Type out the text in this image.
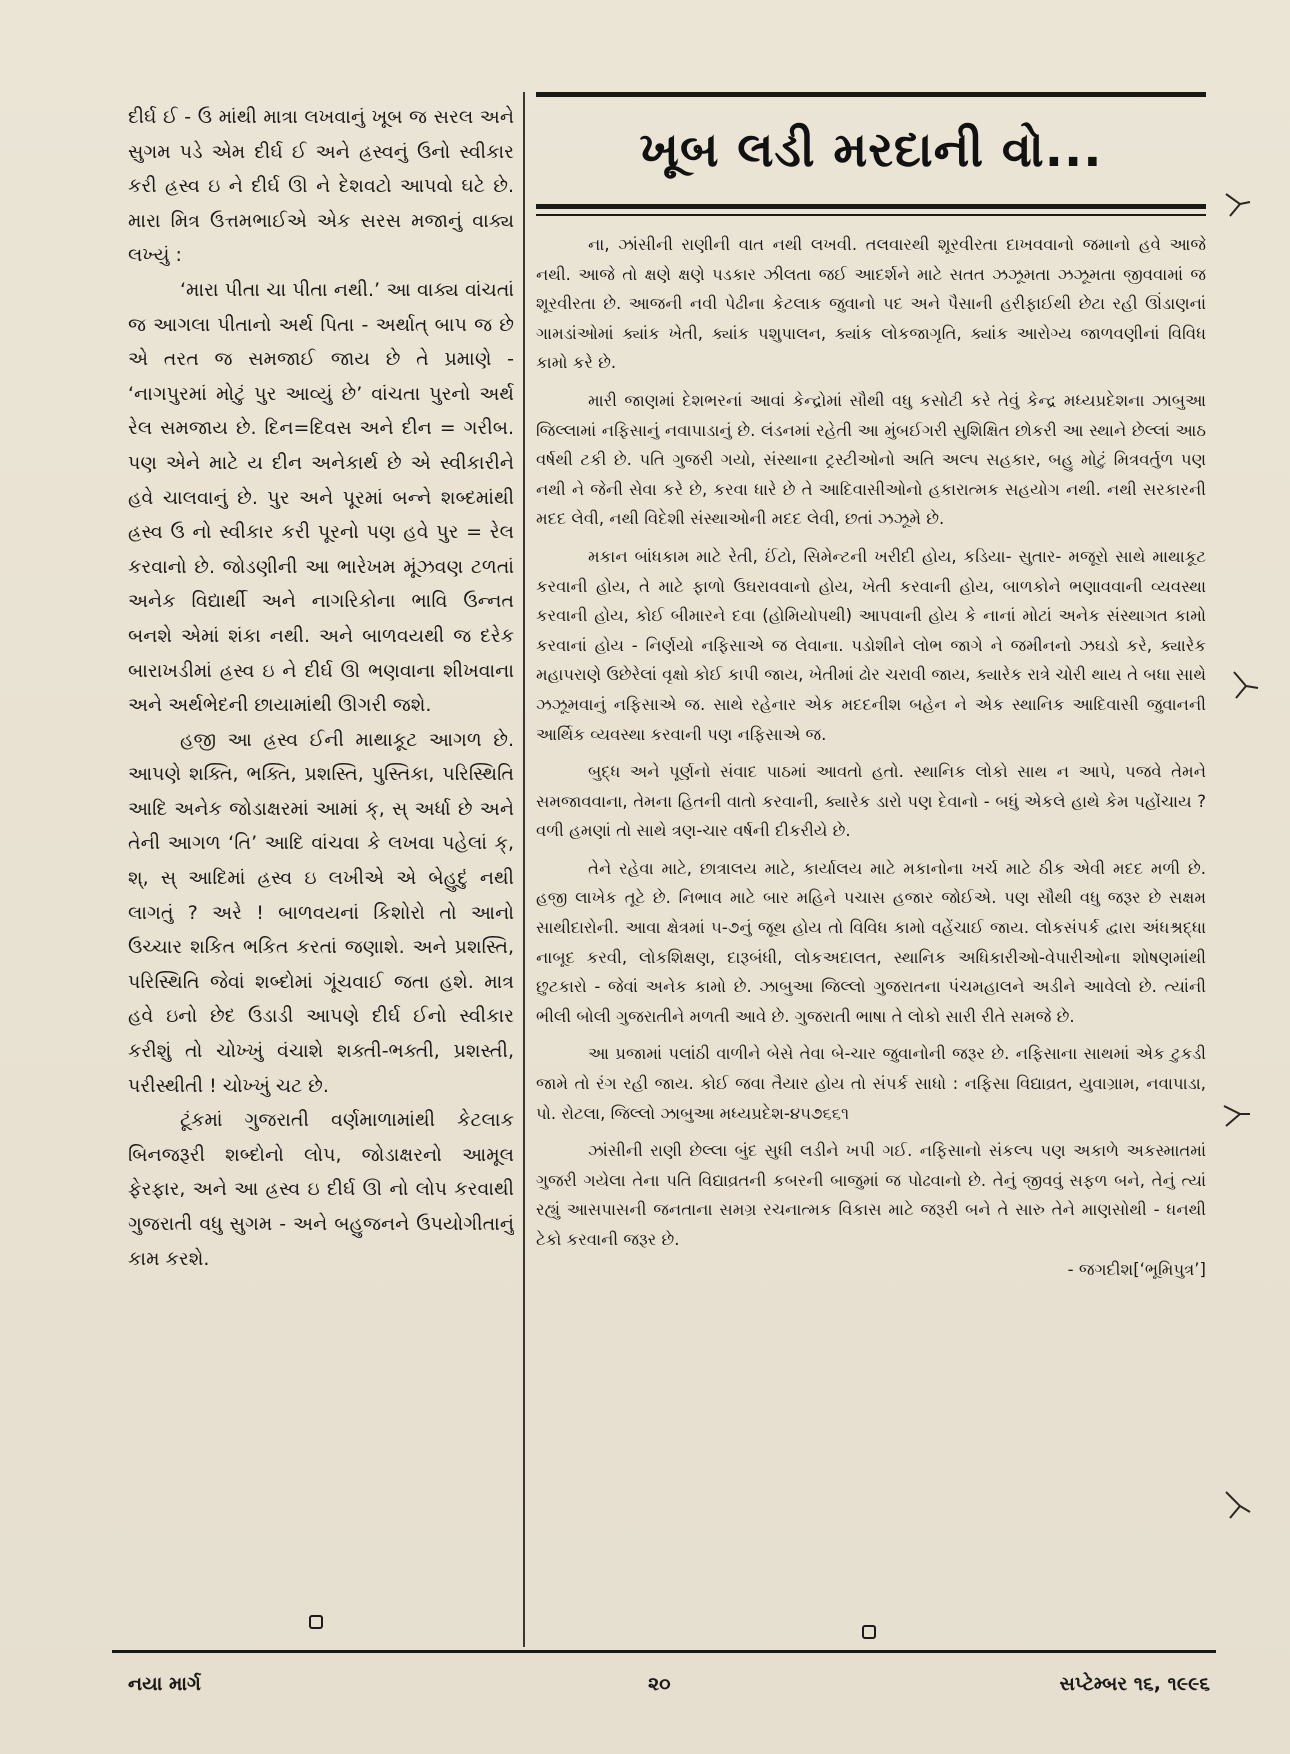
દીર્ઘ ઈ - ઉ માંથી માત્રા લખવાનું ખૂબ જ સરલ અને સુગમ પડે એમ દીર્ઘ ઈ અને હ્રસ્વનું ઉનો સ્વીકાર કરી હ્રસ્વ ઇ ને દીર્ઘ ઊ ને દેશવટો આપવો ઘટે છે. મારા મિત્ર ઉત્તમભાઈએ એક સરસ મજાનું વાક્ય લખ્યું :

‘મારા પીતા ચા પીતા નથી.’ આ વાક્ય વાંચતાં જ આગલા પીતાનો અર્થ પિતા - અર્થાત્ બાપ જ છે એ તરત જ સમજાઈ જાય છે તે પ્રમાણે - ‘નાગપુરમાં મોટું પુર આવ્યું છે’ વાંચતા પુરનો અર્થ રેલ સમજાય છે. દિન=દિવસ અને દીન = ગરીબ. પણ એને માટે ય દીન અનેકાર્થ છે એ સ્વીકારીને હવે ચાલવાનું છે. પુર અને પૂરમાં બન્ને શબ્દમાંથી હ્રસ્વ ઉ નો સ્વીકાર કરી પૂરનો પણ હવે પુર = રેલ કરવાનો છે. જોડણીની આ ભારેખમ મૂંઝવણ ટળતાં અનેક વિદ્યાર્થી અને નાગરિકોના ભાવિ ઉન્નત બનશે એમાં શંકા નથી. અને બાળવયથી જ દરેક બારાખડીમાં હ્રસ્વ ઇ ને દીર્ઘ ઊ ભણવાના શીખવાના અને અર્થભેદની છાયામાંથી ઊગરી જશે.

હજી આ હ્રસ્વ ઈની માથાકૂટ આગળ છે. આપણે શક્તિ, ભક્તિ, પ્રશસ્તિ, પુસ્તિકા, પરિસ્થિતિ આદિ અનેક જોડાક્ષરમાં આમાં ક્, સ્ અર્ધા છે અને તેની આગળ ‘તિ’ આદિ વાંચવા કે લખવા પહેલાં ક્, શ્, સ્ આદિમાં હ્રસ્વ ઇ લખીએ એ બેહુદું નથી લાગતું ? અરે ! બાળવયનાં કિશોરો તો આનો ઉચ્ચાર શકિત ભકિત કરતાં જણાશે. અને પ્રશસ્તિ, પરિસ્થિતિ જેવાં શબ્દોમાં ગૂંચવાઈ જતા હશે. માત્ર હવે ઇનો છેદ ઉડાડી આપણે દીર્ઘ ઈનો સ્વીકાર કરીશું તો ચોખ્ખું વંચાશે શક્તી-ભક્તી, પ્રશસ્તી, પરીસ્થીતી ! ચોખ્ખું ચટ છે.

ટૂંકમાં ગુજરાતી વર્ણમાળામાંથી કેટલાક બિનજરૂરી શબ્દોનો લોપ, જોડાક્ષરનો આમૂલ ફેરફાર, અને આ હ્રસ્વ ઇ દીર્ઘ ઊ નો લોપ કરવાથી ગુજરાતી વધુ સુગમ - અને બહુજનને ઉપયોગીતાનું કામ કરશે.

ખૂબ લડી મરદાની વો...

ના, ઝાંસીની રાણીની વાત નથી લખવી. તલવારથી શૂરવીરતા દાખવવાનો જમાનો હવે આજે નથી. આજે તો ક્ષણે ક્ષણે પડકાર ઝીલતા જઈ આદર્શને માટે સતત ઝઝૂમતા ઝઝૂમતા જીવવામાં જ શૂરવીરતા છે. આજની નવી પેઢીના કેટલાક જુવાનો પદ અને પૈસાની હરીફાઈથી છેટા રહી ઊંડાણનાં ગામડાંઓમાં ક્યાંક ખેતી, ક્યાંક પશુપાલન, ક્યાંક લોકજાગૃતિ, ક્યાંક આરોગ્ય જાળવણીનાં વિવિધ કામો કરે છે.

મારી જાણમાં દેશભરનાં આવાં કેન્દ્રોમાં સૌથી વધુ કસોટી કરે તેવું કેન્દ્ર મધ્યપ્રદેશના ઝાબુઆ જિલ્લામાં નફિસાનું નવાપાડાનું છે. લંડનમાં રહેતી આ મુંબઈગરી સુશિક્ષિત છોકરી આ સ્થાને છેલ્લાં આઠ વર્ષથી ટકી છે. પતિ ગુજરી ગયો, સંસ્થાના ટ્રસ્ટીઓનો અતિ અલ્પ સહકાર, બહુ મોટું મિત્રવર્તુળ પણ નથી ને જેની સેવા કરે છે, કરવા ધારે છે તે આદિવાસીઓનો હકારાત્મક સહયોગ નથી. નથી સરકારની મદદ લેવી, નથી વિદેશી સંસ્થાઓની મદદ લેવી, છતાં ઝઝૂમે છે.

મકાન બાંધકામ માટે રેતી, ઈંટો, સિમેન્ટની ખરીદી હોય, કડિયા- સુતાર- મજૂરો સાથે માથાકૂટ કરવાની હોય, તે માટે ફાળો ઉઘરાવવાનો હોય, ખેતી કરવાની હોય, બાળકોને ભણાવવાની વ્યવસ્થા કરવાની હોય, કોઈ બીમારને દવા (હોમિયોપથી) આપવાની હોય કે નાનાં મોટાં અનેક સંસ્થાગત કામો કરવાનાં હોય - નિર્ણયો નફિસાએ જ લેવાના. પડોશીને લોભ જાગે ને જમીનનો ઝઘડો કરે, ક્યારેક મહાપરાણે ઉછેરેલાં વૃક્ષો કોઈ કાપી જાય, ખેતીમાં ઢોર ચરાવી જાય, ક્યારેક રાત્રે ચોરી થાય તે બધા સાથે ઝઝૂમવાનું નફિસાએ જ. સાથે રહેનાર એક મદદનીશ બહેન ને એક સ્થાનિક આદિવાસી જુવાનની આર્થિક વ્યવસ્થા કરવાની પણ નફિસાએ જ.

બુદ્ધ અને પૂર્ણનો સંવાદ પાઠમાં આવતો હતો. સ્થાનિક લોકો સાથ ન આપે, પજવે તેમને સમજાવવાના, તેમના હિતની વાતો કરવાની, ક્યારેક ડારો પણ દેવાનો - બધું એકલે હાથે કેમ પહોંચાય ? વળી હમણાં તો સાથે ત્રણ-ચાર વર્ષની દીકરીયે છે.

તેને રહેવા માટે, છાત્રાલય માટે, કાર્યાલય માટે મકાનોના ખર્ચ માટે ઠીક એવી મદદ મળી છે. હજી લાખેક તૂટે છે. નિભાવ માટે બાર મહિને પચાસ હજાર જોઈએ. પણ સૌથી વધુ જરૂર છે સક્ષમ સાથીદારોની. આવા ક્ષેત્રમાં ૫-૭નું જૂથ હોય તો વિવિધ કામો વહેંચાઈ જાય. લોકસંપર્ક દ્વારા અંધશ્રદ્ધા નાબૂદ કરવી, લોકશિક્ષણ, દારૂબંધી, લોકઅદાલત, સ્થાનિક અધિકારીઓ-વેપારીઓના શોષણમાંથી છુટકારો - જેવાં અનેક કામો છે. ઝાબુઆ જિલ્લો ગુજરાતના પંચમહાલને અડીને આવેલો છે. ત્યાંની ભીલી બોલી ગુજરાતીને મળતી આવે છે. ગુજરાતી ભાષા તે લોકો સારી રીતે સમજે છે.

આ પ્રજામાં પલાંઠી વાળીને બેસે તેવા બે-ચાર જુવાનોની જરૂર છે. નફિસાના સાથમાં એક ટુકડી જામે તો રંગ રહી જાય. કોઈ જવા તૈયાર હોય તો સંપર્ક સાધો : નફિસા વિદ્યાવ્રત, યુવાગ્રામ, નવાપાડા, પો. રોટલા, જિલ્લો ઝાબુઆ મધ્યપ્રદેશ-૪૫૭૬૬૧

ઝાંસીની રાણી છેલ્લા બુંદ સુધી લડીને ખપી ગઈ. નફિસાનો સંકલ્પ પણ અકાળે અકસ્માતમાં ગુજરી ગયેલા તેના પતિ વિદ્યાવ્રતની કબરની બાજુમાં જ પોઢવાનો છે. તેનું જીવવું સફળ બને, તેનું ત્યાં રહ્યું આસપાસની જનતાના સમગ્ર રચનાત્મક વિકાસ માટે જરૂરી બને તે સારુ તેને માણસોથી - ધનથી ટેકો કરવાની જરૂર છે.

- જગદીશ[‘ભૂમિપુત્ર’]
નયા માર્ગ	૨૦	સપ્ટેમ્બર ૧૬, ૧૯૯૬
